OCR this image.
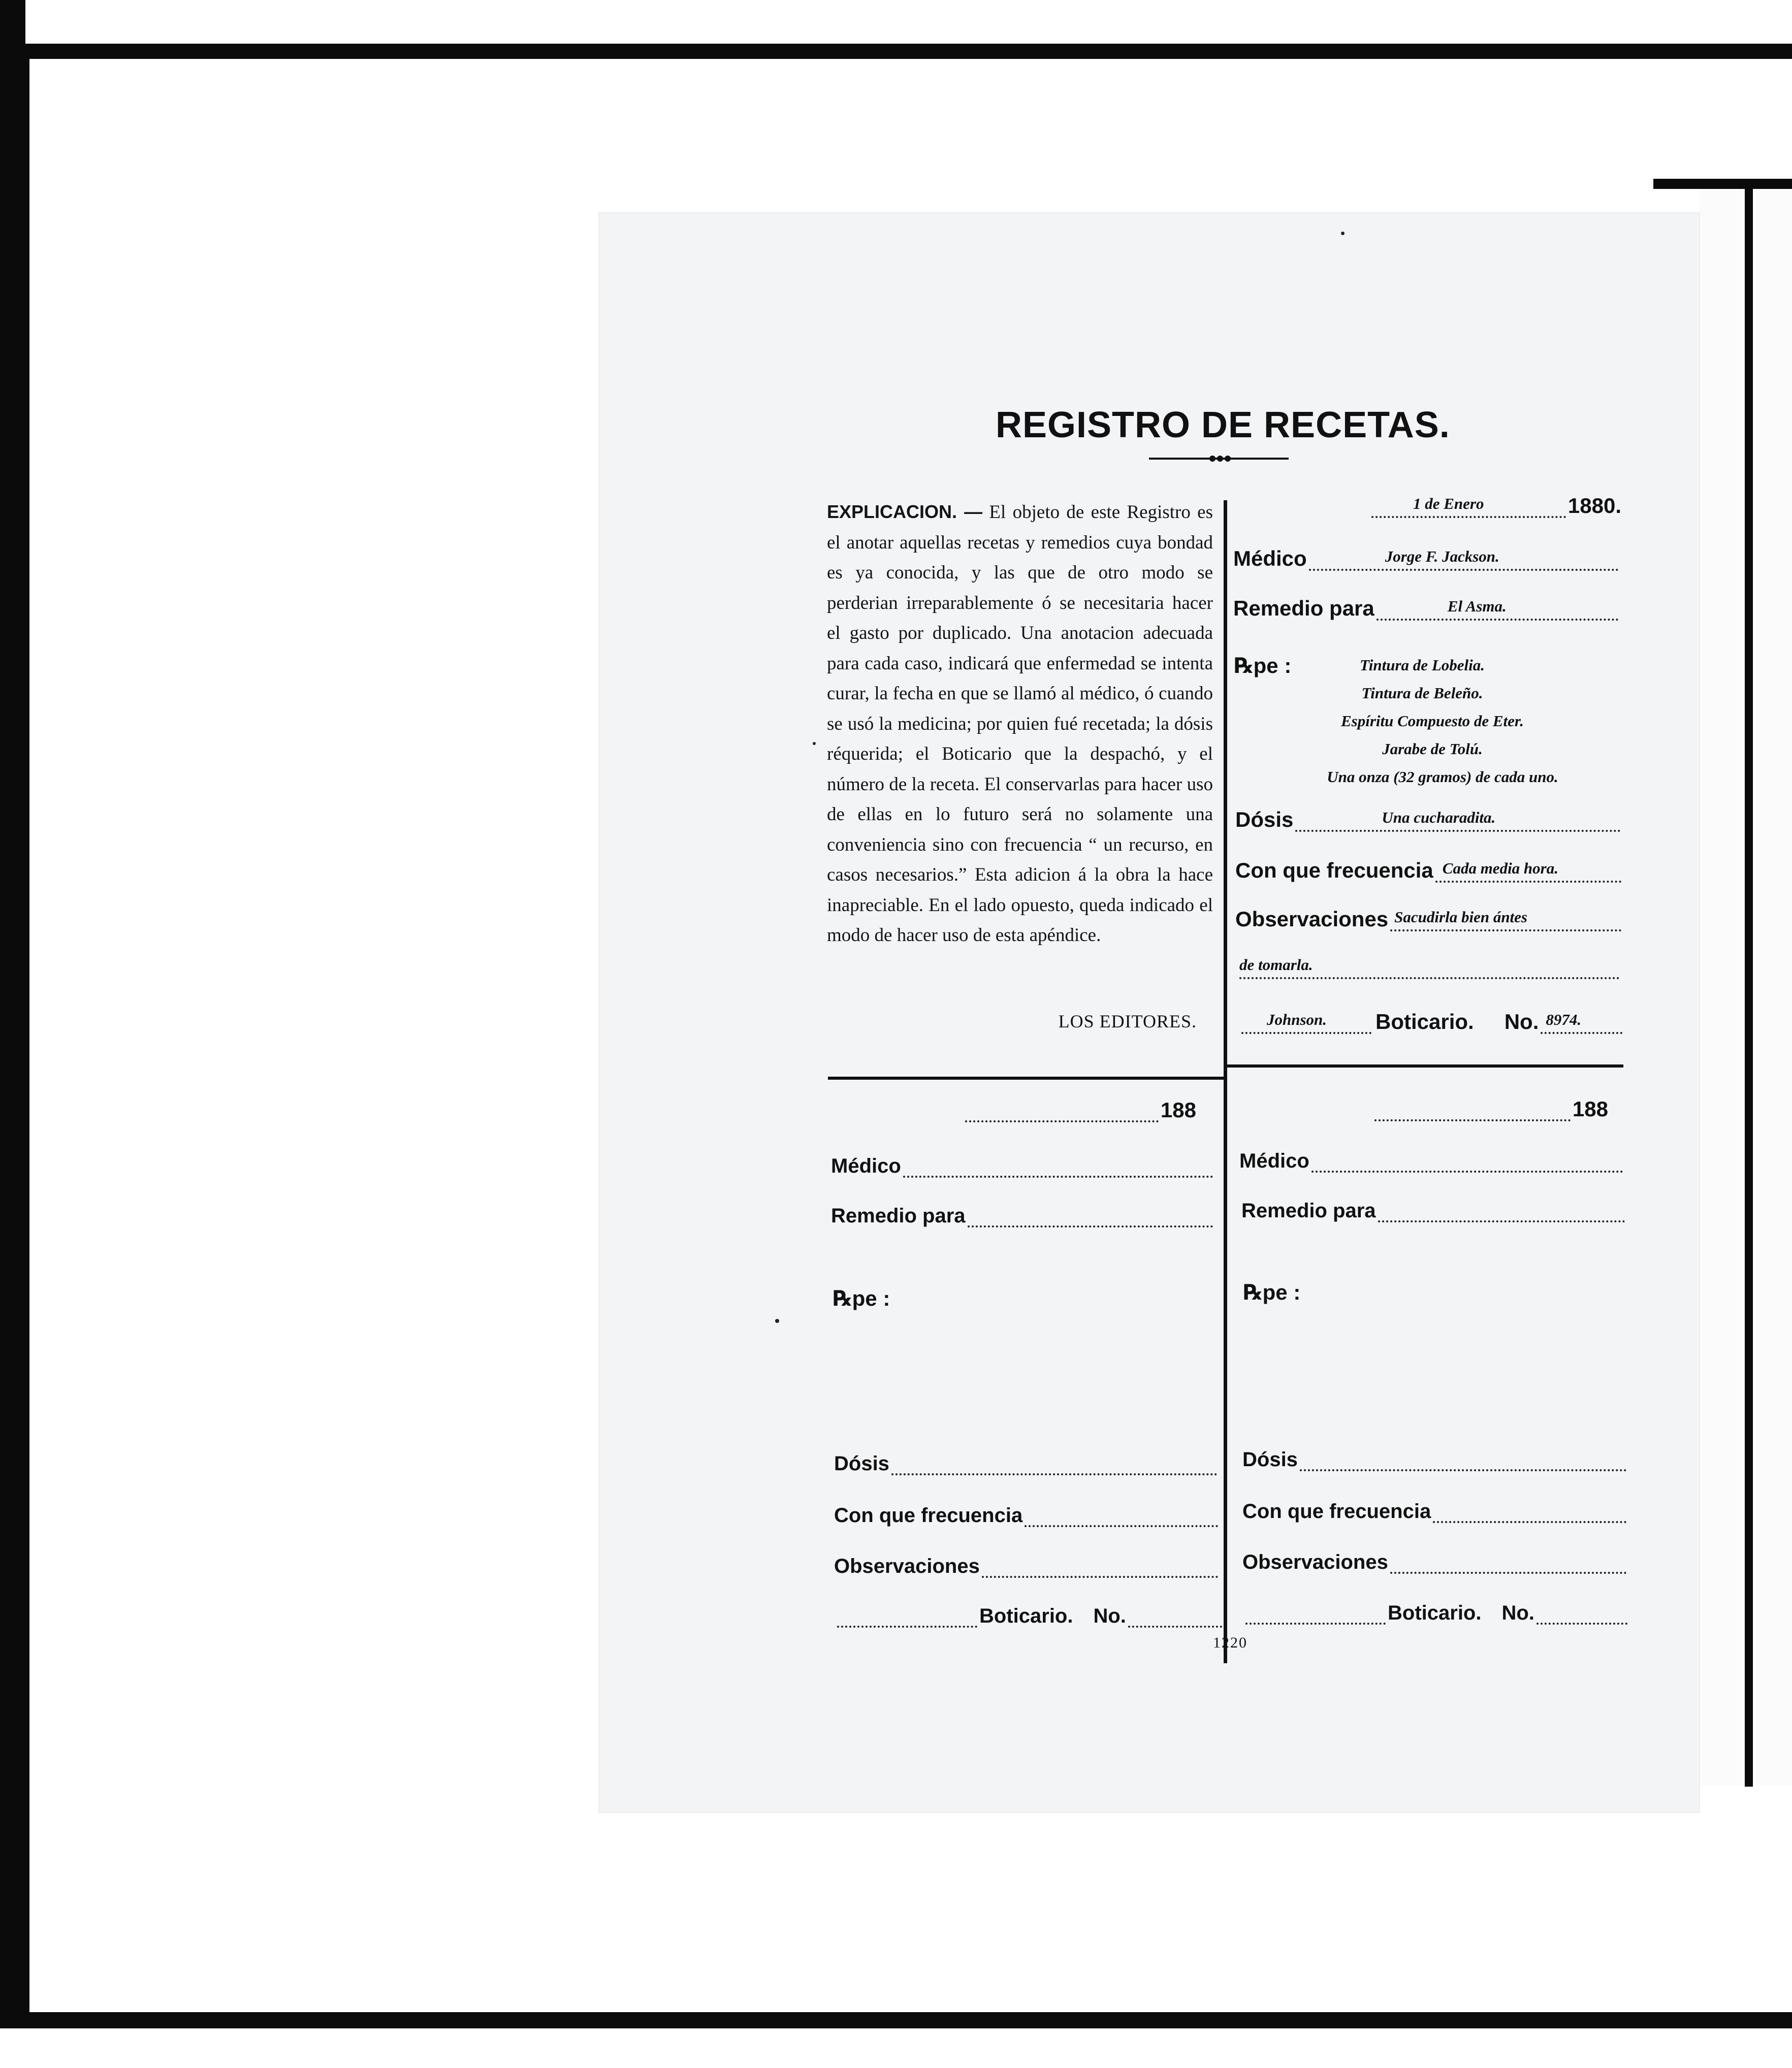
REGISTRO DE RECETAS.
EXPLICACION. — El objeto de este Registro es el anotar aquellas recetas y remedios cuya bondad es ya conocida, y las que de otro modo se perderian irreparablemente ó se necesitaria hacer el gasto por duplicado. Una anotacion adecuada para cada caso, indicará que enfermedad se intenta curar, la fecha en que se llamó al médico, ó cuando se usó la medicina; por quien fué recetada; la dósis réquerida; el Boticario que la despachó, y el número de la receta. El conservarlas para hacer uso de ellas en lo futuro será no solamente una conveniencia sino con frecuencia “ un recurso, en casos necesarios.” Esta adicion á la obra la hace inapreciable. En el lado opuesto, queda indicado el modo de hacer uso de esta apéndice.
LOS EDITORES.
1 de Enero	1880.
Médico	Jorge F. Jackson.
Remedio para	El Asma.
℞pe :	Tintura de Lobelia.
Tintura de Beleño.
Espíritu Compuesto de Eter.
Jarabe de Tolú.
Una onza (32 gramos) de cada uno.
Dósis	Una cucharadita.
Con que frecuencia Cada media hora.
Observaciones Sacudirla bien ántes
de tomarla.
Johnson. Boticario. No. 8974.
188
Médico
Remedio para
℞pe :
Dósis
Con que frecuencia
Observaciones
Boticario. No.
188
Médico
Remedio para
℞pe :
Dósis
Con que frecuencia
Observaciones
Boticario. No.
1220
